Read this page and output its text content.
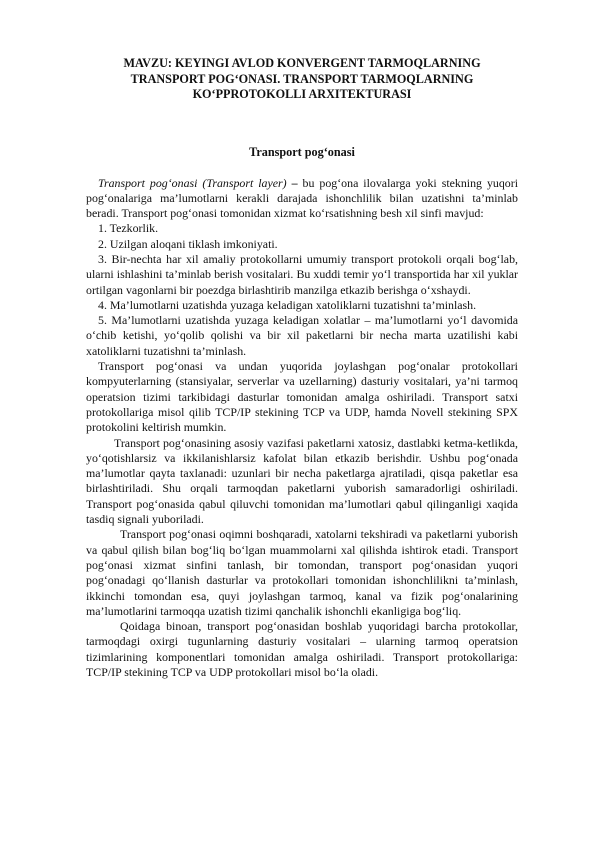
MAVZU: KEYINGI AVLOD KONVERGENT TARMOQLARNING
TRANSPORT POG‘ONASI. TRANSPORT TARMOQLARNING
KO‘PPROTOKOLLI ARXITEKTURASI
Transport pog‘onasi

Transport pog‘onasi (Transport layer) – bu pog‘ona ilovalarga yoki stekning yuqori pog‘onalariga ma’lumotlarni kerakli darajada ishonchlilik bilan uzatishni ta’minlab beradi. Transport pog‘onasi tomonidan xizmat ko‘rsatishning besh xil sinfi mavjud:

1. Tezkorlik.

2. Uzilgan aloqani tiklash imkoniyati.

3. Bir-nechta har xil amaliy protokollarni umumiy transport protokoli orqali bog‘lab, ularni ishlashini ta’minlab berish vositalari. Bu xuddi temir yo‘l transportida har xil yuklar ortilgan vagonlarni bir poezdga birlashtirib manzilga etkazib berishga o‘xshaydi.

4. Ma’lumotlarni uzatishda yuzaga keladigan xatoliklarni tuzatishni ta’minlash.

5. Ma’lumotlarni uzatishda yuzaga keladigan xolatlar – ma’lumotlarni yo‘l davomida o‘chib ketishi, yo‘qolib qolishi va bir xil paketlarni bir necha marta uzatilishi kabi xatoliklarni tuzatishni ta’minlash.

Transport pog‘onasi va undan yuqorida joylashgan pog‘onalar protokollari kompyuterlarning (stansiyalar, serverlar va uzellarning) dasturiy vositalari, ya’ni tarmoq operatsion tizimi tarkibidagi dasturlar tomonidan amalga oshiriladi. Transport satxi protokollariga misol qilib TCP/IP stekining TCP va UDP, hamda Novell stekining SPX protokolini keltirish mumkin.

Transport pog‘onasining asosiy vazifasi paketlarni xatosiz, dastlabki ketma-ketlikda, yo‘qotishlarsiz va ikkilanishlarsiz kafolat bilan etkazib berishdir. Ushbu pog‘onada ma’lumotlar qayta taxlanadi: uzunlari bir necha paketlarga ajratiladi, qisqa paketlar esa birlashtiriladi. Shu orqali tarmoqdan paketlarni yuborish samaradorligi oshiriladi. Transport pog‘onasida qabul qiluvchi tomonidan ma’lumotlari qabul qilinganligi xaqida tasdiq signali yuboriladi.

Transport pog‘onasi oqimni boshqaradi, xatolarni tekshiradi va paketlarni yuborish va qabul qilish bilan bog‘liq bo‘lgan muammolarni xal qilishda ishtirok etadi. Transport pog‘onasi xizmat sinfini tanlash, bir tomondan, transport pog‘onasidan yuqori pog‘onadagi qo‘llanish dasturlar va protokollari tomonidan ishonchlilikni ta’minlash, ikkinchi tomondan esa, quyi joylashgan tarmoq, kanal va fizik pog‘onalarining ma’lumotlarini tarmoqqa uzatish tizimi qanchalik ishonchli ekanligiga bog‘liq.

Qoidaga binoan, transport pog‘onasidan boshlab yuqoridagi barcha protokollar, tarmoqdagi oxirgi tugunlarning dasturiy vositalari – ularning tarmoq operatsion tizimlarining komponentlari tomonidan amalga oshiriladi. Transport protokollariga: TCP/IP stekining TCP va UDP protokollari misol bo‘la oladi.
